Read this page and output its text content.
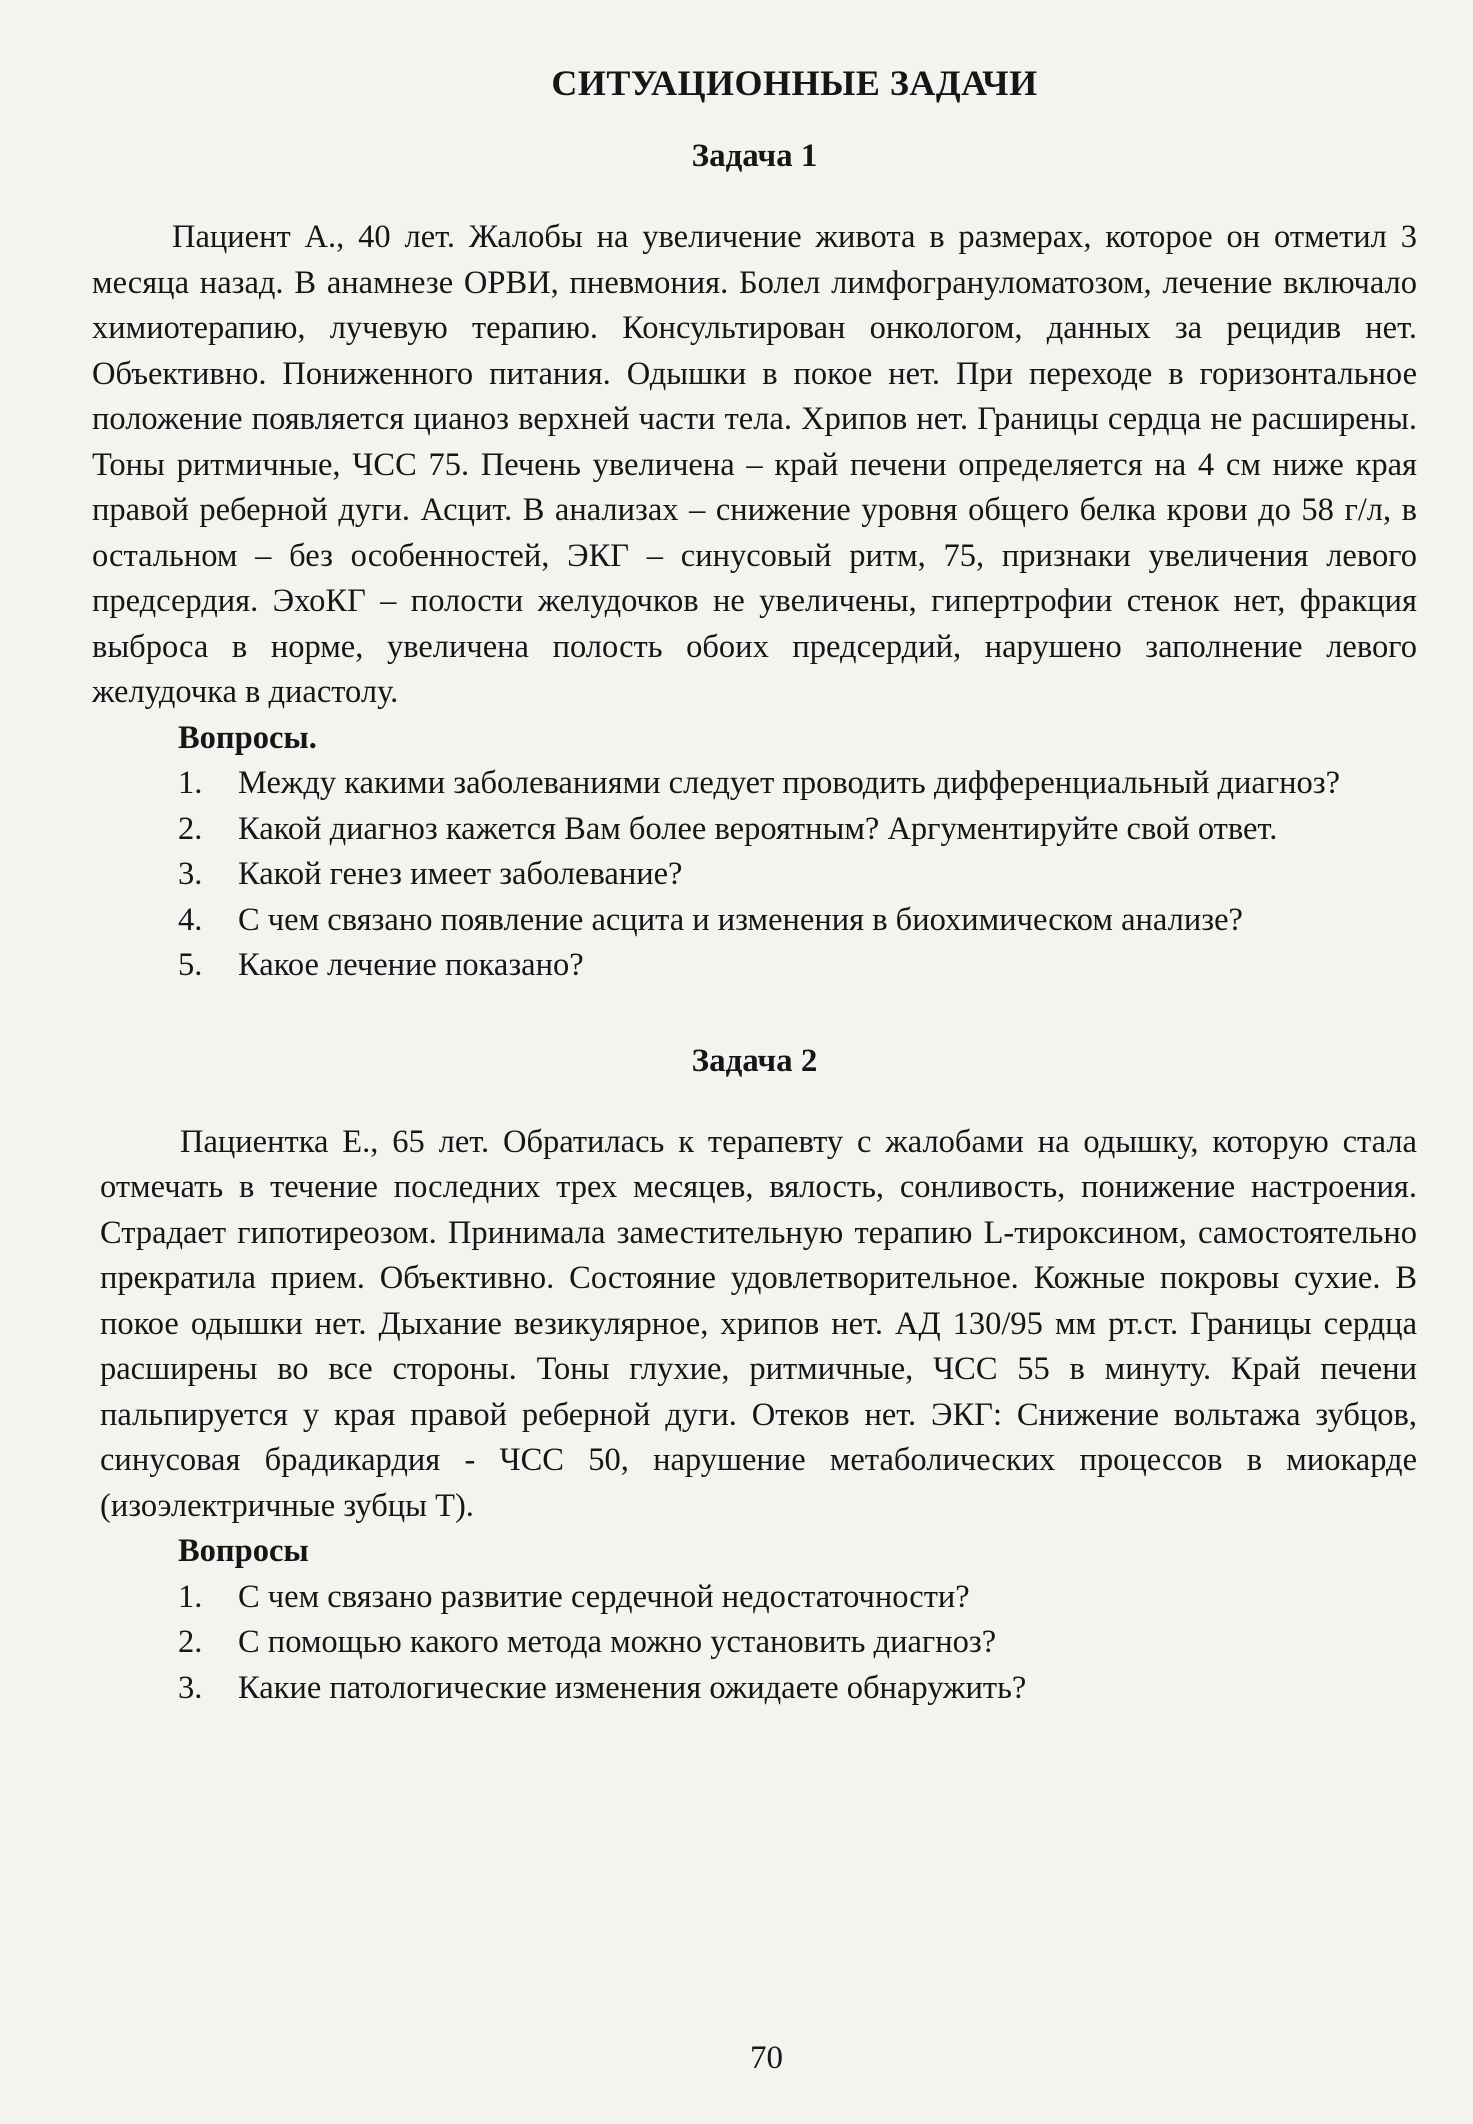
СИТУАЦИОННЫЕ ЗАДАЧИ
Задача 1

Пациент А., 40 лет. Жалобы на увеличение живота в размерах, которое он отметил 3 месяца назад. В анамнезе ОРВИ, пневмония. Болел лимфогрануломатозом, лечение включало химиотерапию, лучевую терапию. Консультирован онкологом, данных за рецидив нет. Объективно. Пониженного питания. Одышки в покое нет. При переходе в горизонтальное положение появляется цианоз верхней части тела. Хрипов нет. Границы сердца не расширены. Тоны ритмичные, ЧСС 75. Печень увеличена – край печени определяется на 4 см ниже края правой реберной дуги. Асцит. В анализах – снижение уровня общего белка крови до 58 г/л, в остальном – без особенностей, ЭКГ – синусовый ритм, 75, признаки увеличения левого предсердия. ЭхоКГ – полости желудочков не увеличены, гипертрофии стенок нет, фракция выброса в норме, увеличена полость обоих предсердий, нарушено заполнение левого желудочка в диастолу.

Вопросы.
1. Между какими заболеваниями следует проводить дифференциальный диагноз?
2. Какой диагноз кажется Вам более вероятным? Аргументируйте свой ответ.
3. Какой генез имеет заболевание?
4. С чем связано появление асцита и изменения в биохимическом анализе?
5. Какое лечение показано?
Задача 2

Пациентка Е., 65 лет. Обратилась к терапевту с жалобами на одышку, которую стала отмечать в течение последних трех месяцев, вялость, сонливость, понижение настроения. Страдает гипотиреозом. Принимала заместительную терапию L-тироксином, самостоятельно прекратила прием. Объективно. Состояние удовлетворительное. Кожные покровы сухие. В покое одышки нет. Дыхание везикулярное, хрипов нет. АД 130/95 мм рт.ст. Границы сердца расширены во все стороны. Тоны глухие, ритмичные, ЧСС 55 в минуту. Край печени пальпируется у края правой реберной дуги. Отеков нет. ЭКГ: Снижение вольтажа зубцов, синусовая брадикардия - ЧСС 50, нарушение метаболических процессов в миокарде (изоэлектричные зубцы Т).

Вопросы
1. С чем связано развитие сердечной недостаточности?
2. С помощью какого метода можно установить диагноз?
3. Какие патологические изменения ожидаете обнаружить?
70
